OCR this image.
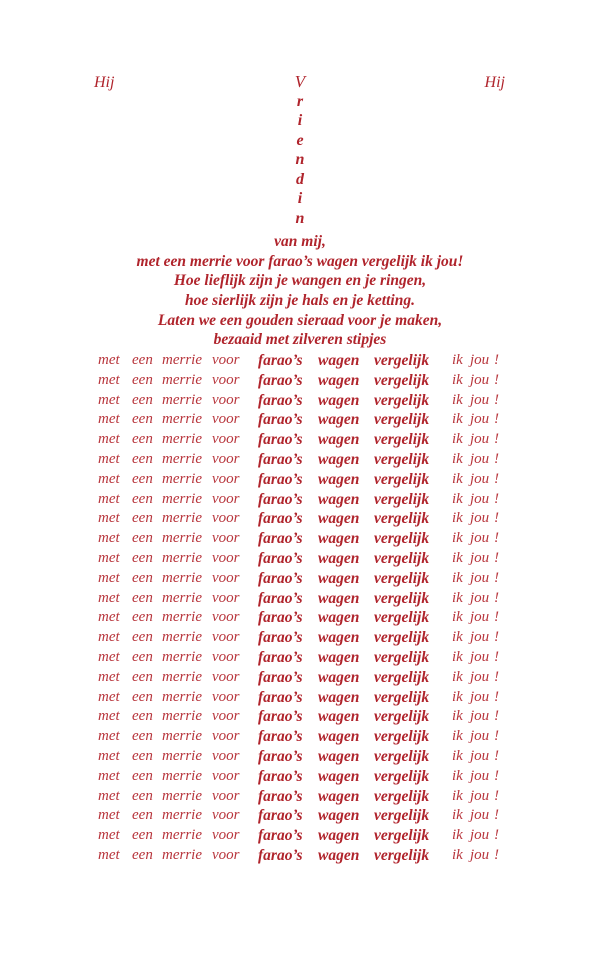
Hij	Hij
V
r
i
e
n
d
i
n
van mij,
met een merrie voor farao’s wagen vergelijk ik jou!
Hoe lieflijk zijn je wangen en je ringen,
hoe sierlijk zijn je hals en je ketting.
Laten we een gouden sieraad voor je maken,
bezaaid met zilveren stipjes
met een merrie voor farao’s wagen vergelijk ik jou !
met een merrie voor farao’s wagen vergelijk ik jou !
met een merrie voor farao’s wagen vergelijk ik jou !
met een merrie voor farao’s wagen vergelijk ik jou !
met een merrie voor farao’s wagen vergelijk ik jou !
met een merrie voor farao’s wagen vergelijk ik jou !
met een merrie voor farao’s wagen vergelijk ik jou !
met een merrie voor farao’s wagen vergelijk ik jou !
met een merrie voor farao’s wagen vergelijk ik jou !
met een merrie voor farao’s wagen vergelijk ik jou !
met een merrie voor farao’s wagen vergelijk ik jou !
met een merrie voor farao’s wagen vergelijk ik jou !
met een merrie voor farao’s wagen vergelijk ik jou !
met een merrie voor farao’s wagen vergelijk ik jou !
met een merrie voor farao’s wagen vergelijk ik jou !
met een merrie voor farao’s wagen vergelijk ik jou !
met een merrie voor farao’s wagen vergelijk ik jou !
met een merrie voor farao’s wagen vergelijk ik jou !
met een merrie voor farao’s wagen vergelijk ik jou !
met een merrie voor farao’s wagen vergelijk ik jou !
met een merrie voor farao’s wagen vergelijk ik jou !
met een merrie voor farao’s wagen vergelijk ik jou !
met een merrie voor farao’s wagen vergelijk ik jou !
met een merrie voor farao’s wagen vergelijk ik jou !
met een merrie voor farao’s wagen vergelijk ik jou !
met een merrie voor farao’s wagen vergelijk ik jou !
